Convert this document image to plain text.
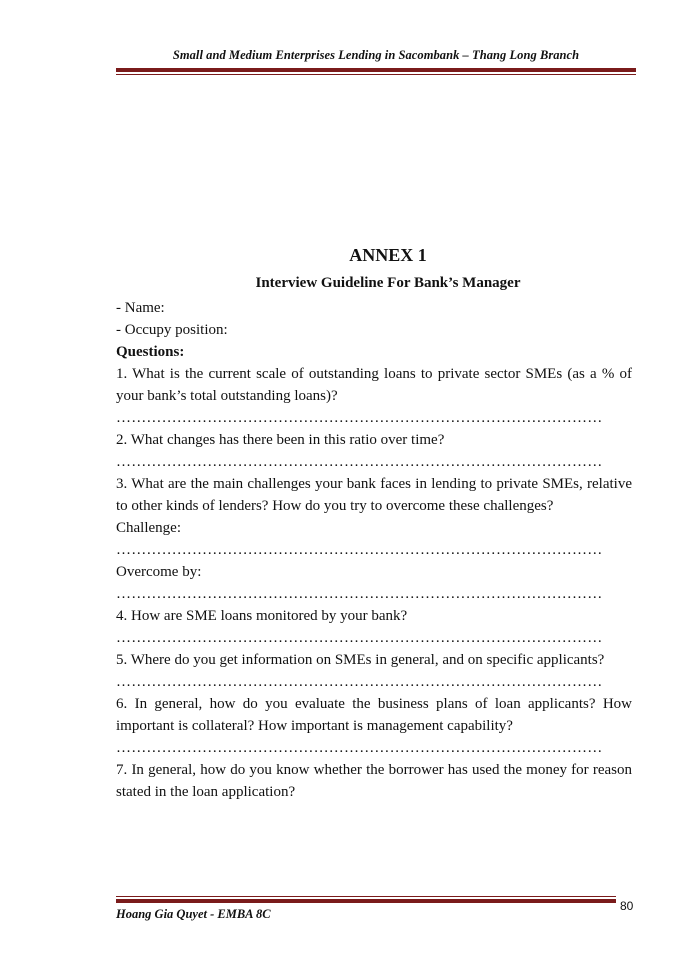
Small and Medium Enterprises Lending in Sacombank – Thang Long Branch
ANNEX 1
Interview Guideline For Bank’s Manager
- Name:
- Occupy position:
Questions:
1. What is the current scale of outstanding loans to private sector SMEs (as a % of your bank’s total outstanding loans)?
……………………………………………………………………………………
2. What changes has there been in this ratio over time?
……………………………………………………………………………………
3. What are the main challenges your bank faces in lending to private SMEs, relative to other kinds of lenders? How do you try to overcome these challenges?
Challenge:
……………………………………………………………………………………
Overcome by:
……………………………………………………………………………………
4. How are SME loans monitored by your bank?
……………………………………………………………………………………
5. Where do you get information on SMEs in general, and on specific applicants?
……………………………………………………………………………………
6. In general, how do you evaluate the business plans of loan applicants? How important is collateral? How important is management capability?
……………………………………………………………………………………
7. In general, how do you know whether the borrower has used the money for reason stated in the loan application?
80
Hoang Gia Quyet - EMBA 8C
